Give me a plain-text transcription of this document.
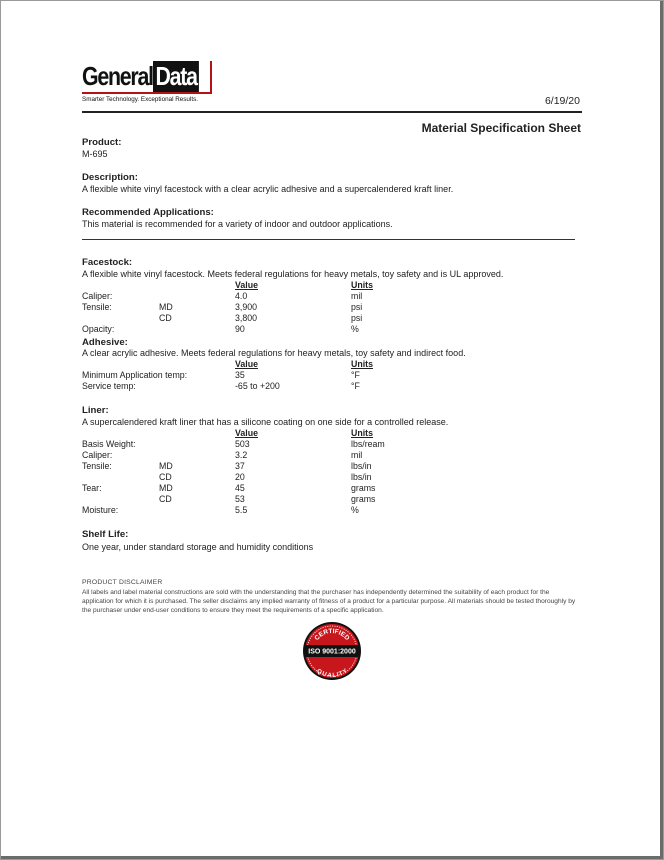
General Data
Smarter Technology. Exceptional Results.	6/19/20
Material Specification Sheet
Product:
M-695
Description:
A flexible white vinyl facestock with a clear acrylic adhesive and a supercalendered kraft liner.
Recommended Applications:
This material is recommended for a variety of indoor and outdoor applications.
Facestock:
A flexible white vinyl facestock. Meets federal regulations for heavy metals, toy safety and is UL approved.
Value	Units
Caliper:	4.0	mil
Tensile:	MD	3,900	psi
CD	3,800	psi
Opacity:	90	%
Adhesive:
A clear acrylic adhesive. Meets federal regulations for heavy metals, toy safety and indirect food.
Value	Units
Minimum Application temp:	35	°F
Service temp:	-65 to +200	°F
Liner:
A supercalendered kraft liner that has a silicone coating on one side for a controlled release.
Value	Units
Basis Weight:	503	lbs/ream
Caliper:	3.2	mil
Tensile:	MD	37	lbs/in
CD	20	lbs/in
Tear:	MD	45	grams
CD	53	grams
Moisture:	5.5	%
Shelf Life:
One year, under standard storage and humidity conditions
PRODUCT DISCLAIMER
All labels and label material constructions are sold with the understanding that the purchaser has independently determined the suitability of each product for the application for which it is purchased. The seller disclaims any implied warranty of fitness of a product for a particular purpose. All materials should be tested thoroughly by the purchaser under end-user conditions to ensure they meet the requirements of a specific application.
CERTIFIED
ISO 9001:2000
QUALITY
